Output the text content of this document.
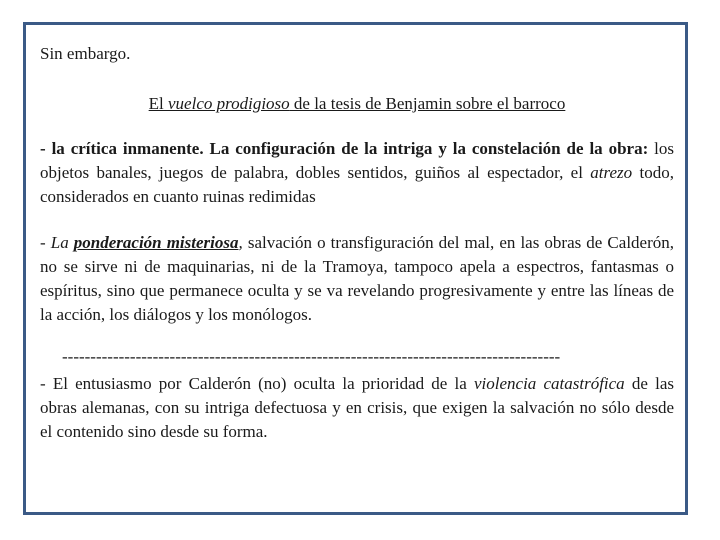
Sin embargo.
El vuelco prodigioso de la tesis de Benjamin sobre el barroco
- la crítica inmanente. La configuración de la intriga y la constelación de la obra: los objetos banales, juegos de palabra, dobles sentidos, guiños al espectador, el atrezo todo, considerados en cuanto ruinas redimidas
- La ponderación misteriosa, salvación o transfiguración del mal, en las obras de Calderón, no se sirve ni de maquinarias, ni de la Tramoya, tampoco apela a espectros, fantasmas o espíritus, sino que permanece oculta y se va revelando progresivamente y entre las líneas de la acción, los diálogos y los monólogos.
----------------------------------------------------------------------------------------
- El entusiasmo por Calderón (no) oculta la prioridad de la violencia catastrófica de las obras alemanas, con su intriga defectuosa y en crisis, que exigen la salvación no sólo desde el contenido sino desde su forma.
